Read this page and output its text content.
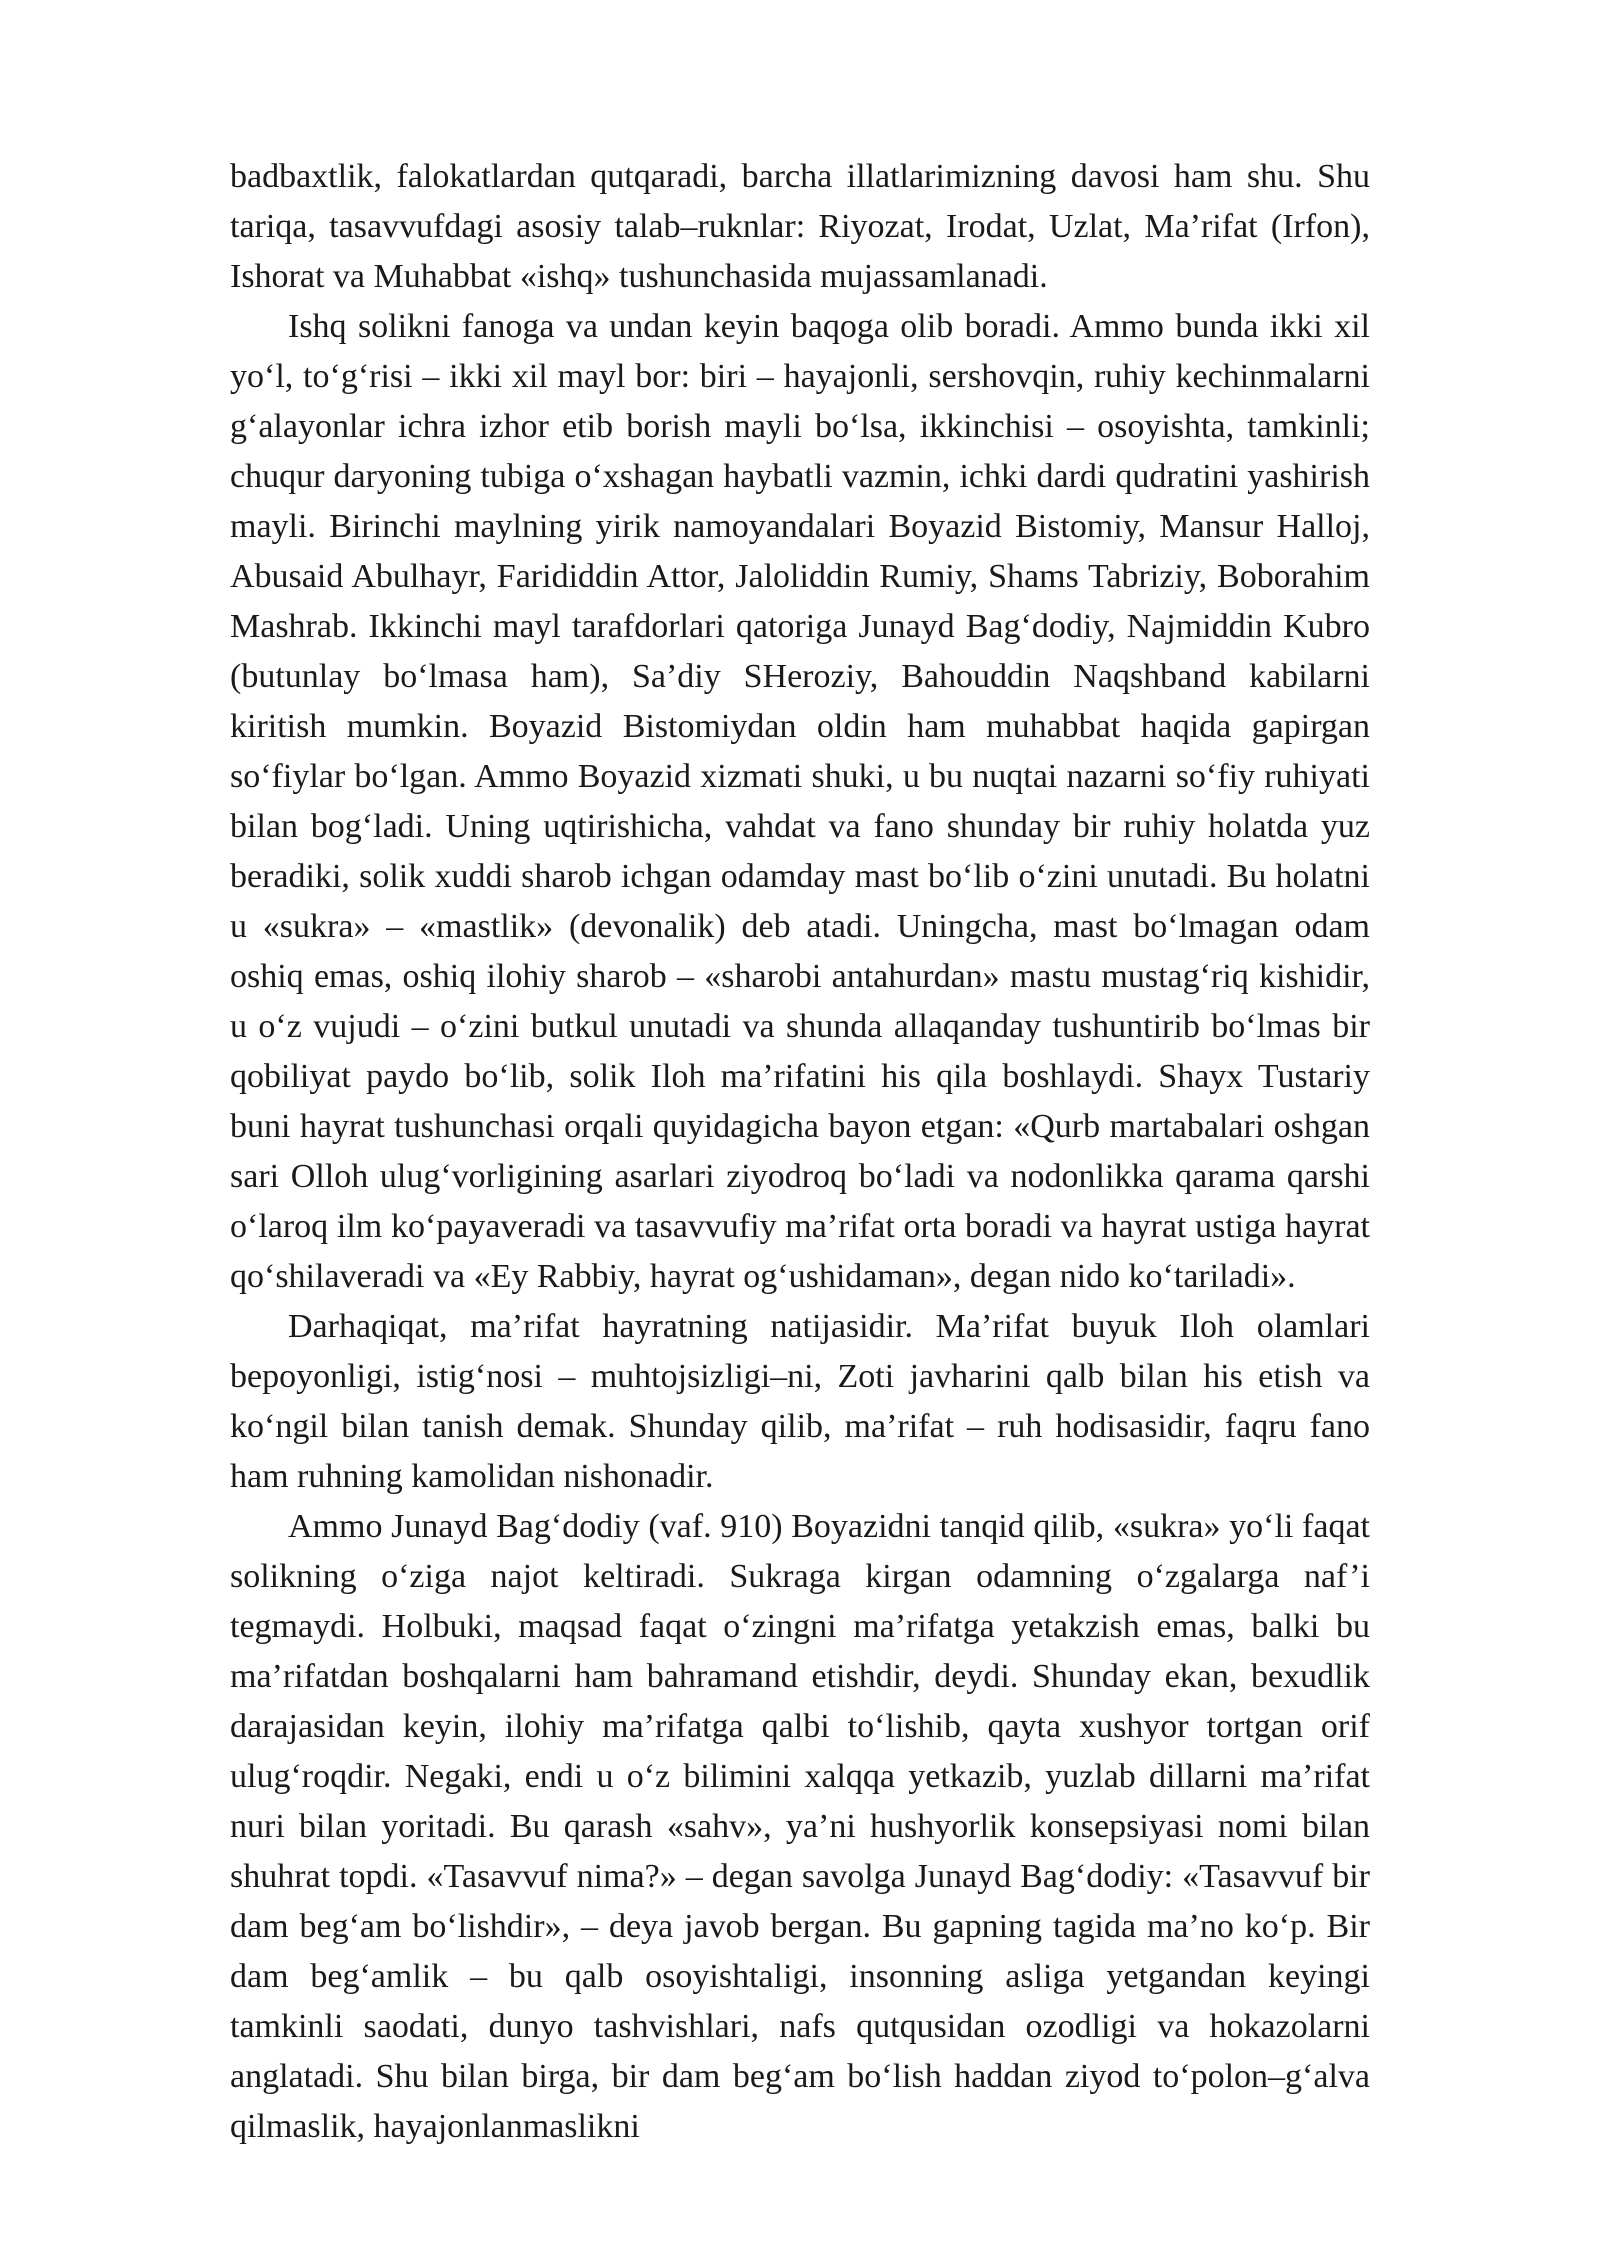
badbaxtlik, falokatlardan qutqaradi, barcha illatlarimizning davosi ham shu. Shu tariqa, tasavvufdagi asosiy talab–ruknlar: Riyozat, Irodat, Uzlat, Ma’rifat (Irfon), Ishorat va Muhabbat «ishq» tushunchasida mujassamlanadi.

Ishq solikni fanoga va undan keyin baqoga olib boradi. Ammo bunda ikki xil yo‘l, to‘g‘risi – ikki xil mayl bor: biri – hayajonli, sershovqin, ruhiy kechinmalarni g‘alayonlar ichra izhor etib borish mayli bo‘lsa, ikkinchisi – osoyishta, tamkinli; chuqur daryoning tubiga o‘xshagan haybatli vazmin, ichki dardi qudratini yashirish mayli. Birinchi maylning yirik namoyandalari Boyazid Bistomiy, Mansur Halloj, Abusaid Abulhayr, Farididdin Attor, Jaloliddin Rumiy, Shams Tabriziy, Boborahim Mashrab. Ikkinchi mayl tarafdorlari qatoriga Junayd Bag‘dodiy, Najmiddin Kubro (butunlay bo‘lmasa ham), Sa’diy SHeroziy, Bahouddin Naqshband kabilarni kiritish mumkin. Boyazid Bistomiydan oldin ham muhabbat haqida gapirgan so‘fiylar bo‘lgan. Ammo Boyazid xizmati shuki, u bu nuqtai nazarni so‘fiy ruhiyati bilan bog‘ladi. Uning uqtirishicha, vahdat va fano shunday bir ruhiy holatda yuz beradiki, solik xuddi sharob ichgan odamday mast bo‘lib o‘zini unutadi. Bu holatni u «sukra» – «mastlik» (devonalik) deb atadi. Uningcha, mast bo‘lmagan odam oshiq emas, oshiq ilohiy sharob – «sharobi antahurdan» mastu mustag‘riq kishidir, u o‘z vujudi – o‘zini butkul unutadi va shunda allaqanday tushuntirib bo‘lmas bir qobiliyat paydo bo‘lib, solik Iloh ma’rifatini his qila boshlaydi. Shayx Tustariy buni hayrat tushunchasi orqali quyidagicha bayon etgan: «Qurb martabalari oshgan sari Olloh ulug‘vorligining asarlari ziyodroq bo‘ladi va nodonlikka qarama qarshi o‘laroq ilm ko‘payaveradi va tasavvufiy ma’rifat orta boradi va hayrat ustiga hayrat qo‘shilaveradi va «Ey Rabbiy, hayrat og‘ushidaman», degan nido ko‘tariladi».

Darhaqiqat, ma’rifat hayratning natijasidir. Ma’rifat buyuk Iloh olamlari bepoyonligi, istig‘nosi – muhtojsizligi–ni, Zoti javharini qalb bilan his etish va ko‘ngil bilan tanish demak. Shunday qilib, ma’rifat – ruh hodisasidir, faqru fano ham ruhning kamolidan nishonadir.

Ammo Junayd Bag‘dodiy (vaf. 910) Boyazidni tanqid qilib, «sukra» yo‘li faqat solikning o‘ziga najot keltiradi. Sukraga kirgan odamning o‘zgalarga naf’i tegmaydi. Holbuki, maqsad faqat o‘zingni ma’rifatga yetakzish emas, balki bu ma’rifatdan boshqalarni ham bahramand etishdir, deydi. Shunday ekan, bexudlik darajasidan keyin, ilohiy ma’rifatga qalbi to‘lishib, qayta xushyor tortgan orif ulug‘roqdir. Negaki, endi u o‘z bilimini xalqqa yetkazib, yuzlab dillarni ma’rifat nuri bilan yoritadi. Bu qarash «sahv», ya’ni hushyorlik konsepsiyasi nomi bilan shuhrat topdi. «Tasavvuf nima?» – degan savolga Junayd Bag‘dodiy: «Tasavvuf bir dam beg‘am bo‘lishdir», – deya javob bergan. Bu gapning tagida ma’no ko‘p. Bir dam beg‘amlik – bu qalb osoyishtaligi, insonning asliga yetgandan keyingi tamkinli saodati, dunyo tashvishlari, nafs qutqusidan ozodligi va hokazolarni anglatadi. Shu bilan birga, bir dam beg‘am bo‘lish haddan ziyod to‘polon–g‘alva qilmaslik, hayajonlanmaslikni
